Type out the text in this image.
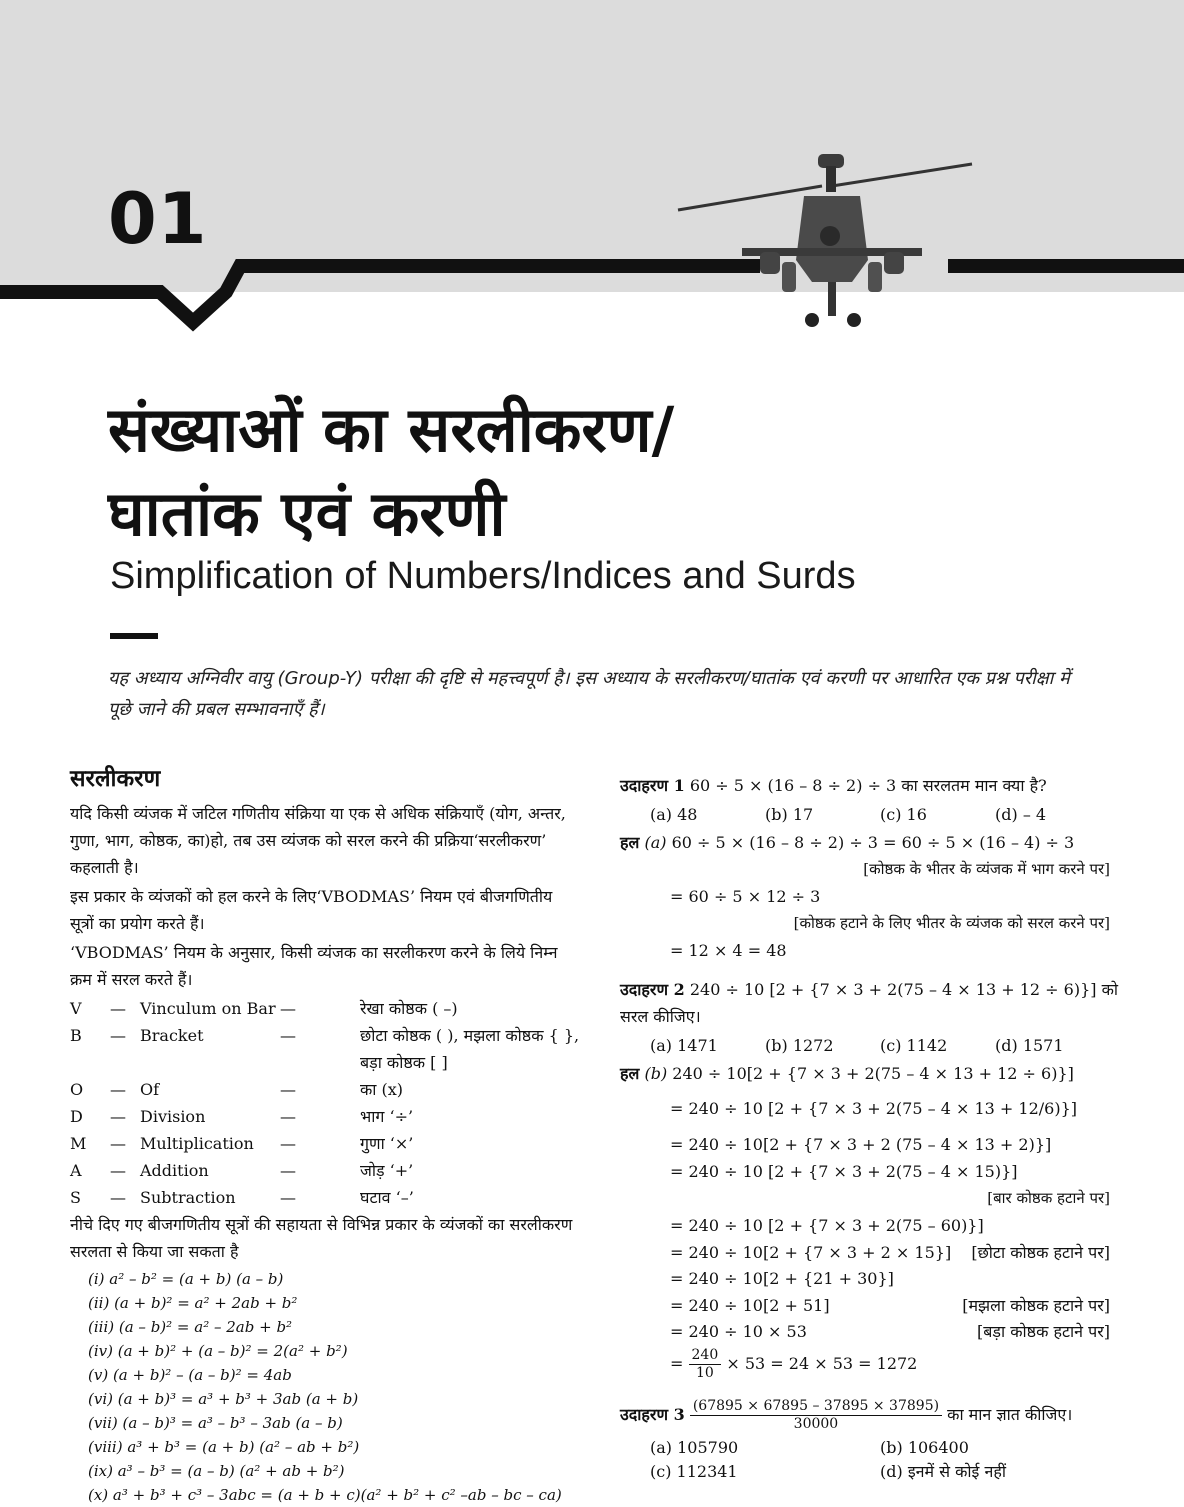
01
संख्याओं का सरलीकरण/
घातांक एवं करणी
Simplification of Numbers/Indices and Surds
यह अध्याय अग्निवीर वायु (Group-Y) परीक्षा की दृष्टि से महत्त्वपूर्ण है। इस अध्याय के सरलीकरण/घातांक एवं करणी पर आधारित एक प्रश्न परीक्षा में पूछे जाने की प्रबल सम्भावनाएँ हैं।
सरलीकरण

यदि किसी व्यंजक में जटिल गणितीय संक्रिया या एक से अधिक संक्रियाएँ (योग, अन्तर, गुणा, भाग, कोष्ठक, का)हो, तब उस व्यंजक को सरल करने की प्रक्रिया‘सरलीकरण’ कहलाती है।

इस प्रकार के व्यंजकों को हल करने के लिए‘VBODMAS’ नियम एवं बीजगणितीय सूत्रों का प्रयोग करते हैं।

‘VBODMAS’ नियम के अनुसार, किसी व्यंजक का सरलीकरण करने के लिये निम्न क्रम में सरल करते हैं।

V	— Vinculum on Bar —	रेखा कोष्ठक ( –)
B	— Bracket	—	छोटा कोष्ठक ( ), मझला कोष्ठक { }, बड़ा कोष्ठक [ ]
O	— Of	—	का (x)
D	— Division	—	भाग ‘÷’
M	— Multiplication	—	गुणा ‘×’
A	— Addition	—	जोड़ ‘+’
S	— Subtraction	—	घटाव ‘–’

नीचे दिए गए बीजगणितीय सूत्रों की सहायता से विभिन्न प्रकार के व्यंजकों का सरलीकरण सरलता से किया जा सकता है

(i) a² – b² = (a + b) (a – b)
(ii) (a + b)² = a² + 2ab + b²
(iii) (a – b)² = a² – 2ab + b²
(iv) (a + b)² + (a – b)² = 2(a² + b²)
(v) (a + b)² – (a – b)² = 4ab
(vi) (a + b)³ = a³ + b³ + 3ab (a + b)
(vii) (a – b)³ = a³ – b³ – 3ab (a – b)
(viii) a³ + b³ = (a + b) (a² – ab + b²)
(ix) a³ – b³ = (a – b) (a² + ab + b²)
(x) a³ + b³ + c³ – 3abc = (a + b + c)(a² + b² + c² –ab – bc – ca)

उदाहरण 1 60 ÷ 5 × (16 – 8 ÷ 2) ÷ 3 का सरलतम मान क्या है?

(a) 48	(b) 17	(c) 16	(d) – 4
हल (a) 60 ÷ 5 × (16 – 8 ÷ 2) ÷ 3 = 60 ÷ 5 × (16 – 4) ÷ 3
[कोष्ठक के भीतर के व्यंजक में भाग करने पर]
= 60 ÷ 5 × 12 ÷ 3
[कोष्ठक हटाने के लिए भीतर के व्यंजक को सरल करने पर]
= 12 × 4 = 48

उदाहरण 2 240 ÷ 10 [2 + {7 × 3 + 2(75 – 4 × 13 + 12 ÷ 6)}] को सरल कीजिए।

(a) 1471	(b) 1272	(c) 1142	(d) 1571
हल (b) 240 ÷ 10[2 + {7 × 3 + 2(75 – 4 × 13 + 12 ÷ 6)}]
= 240 ÷ 10 [2 + {7 × 3 + 2(75 – 4 × 13 + 12/6)}]
= 240 ÷ 10[2 + {7 × 3 + 2 (75 – 4 × 13 + 2)}]
= 240 ÷ 10 [2 + {7 × 3 + 2(75 – 4 × 15)}]
[बार कोष्ठक हटाने पर]
= 240 ÷ 10 [2 + {7 × 3 + 2(75 – 60)}]
= 240 ÷ 10[2 + {7 × 3 + 2 × 15}] [छोटा कोष्ठक हटाने पर]
= 240 ÷ 10[2 + {21 + 30}]
= 240 ÷ 10[2 + 51]	[मझला कोष्ठक हटाने पर]
= 240 ÷ 10 × 53	[बड़ा कोष्ठक हटाने पर]
= $\frac{240}{10} \times 53 = 24 \times 53 = 1272$

उदाहरण $3 \frac{(67895 \times 67895 - 37895 \times 37895)}{30000}$ का मान ज्ञात कीजिए।

(a) 105790	(b) 106400
(c) 112341	(d) इनमें से कोई नहीं
